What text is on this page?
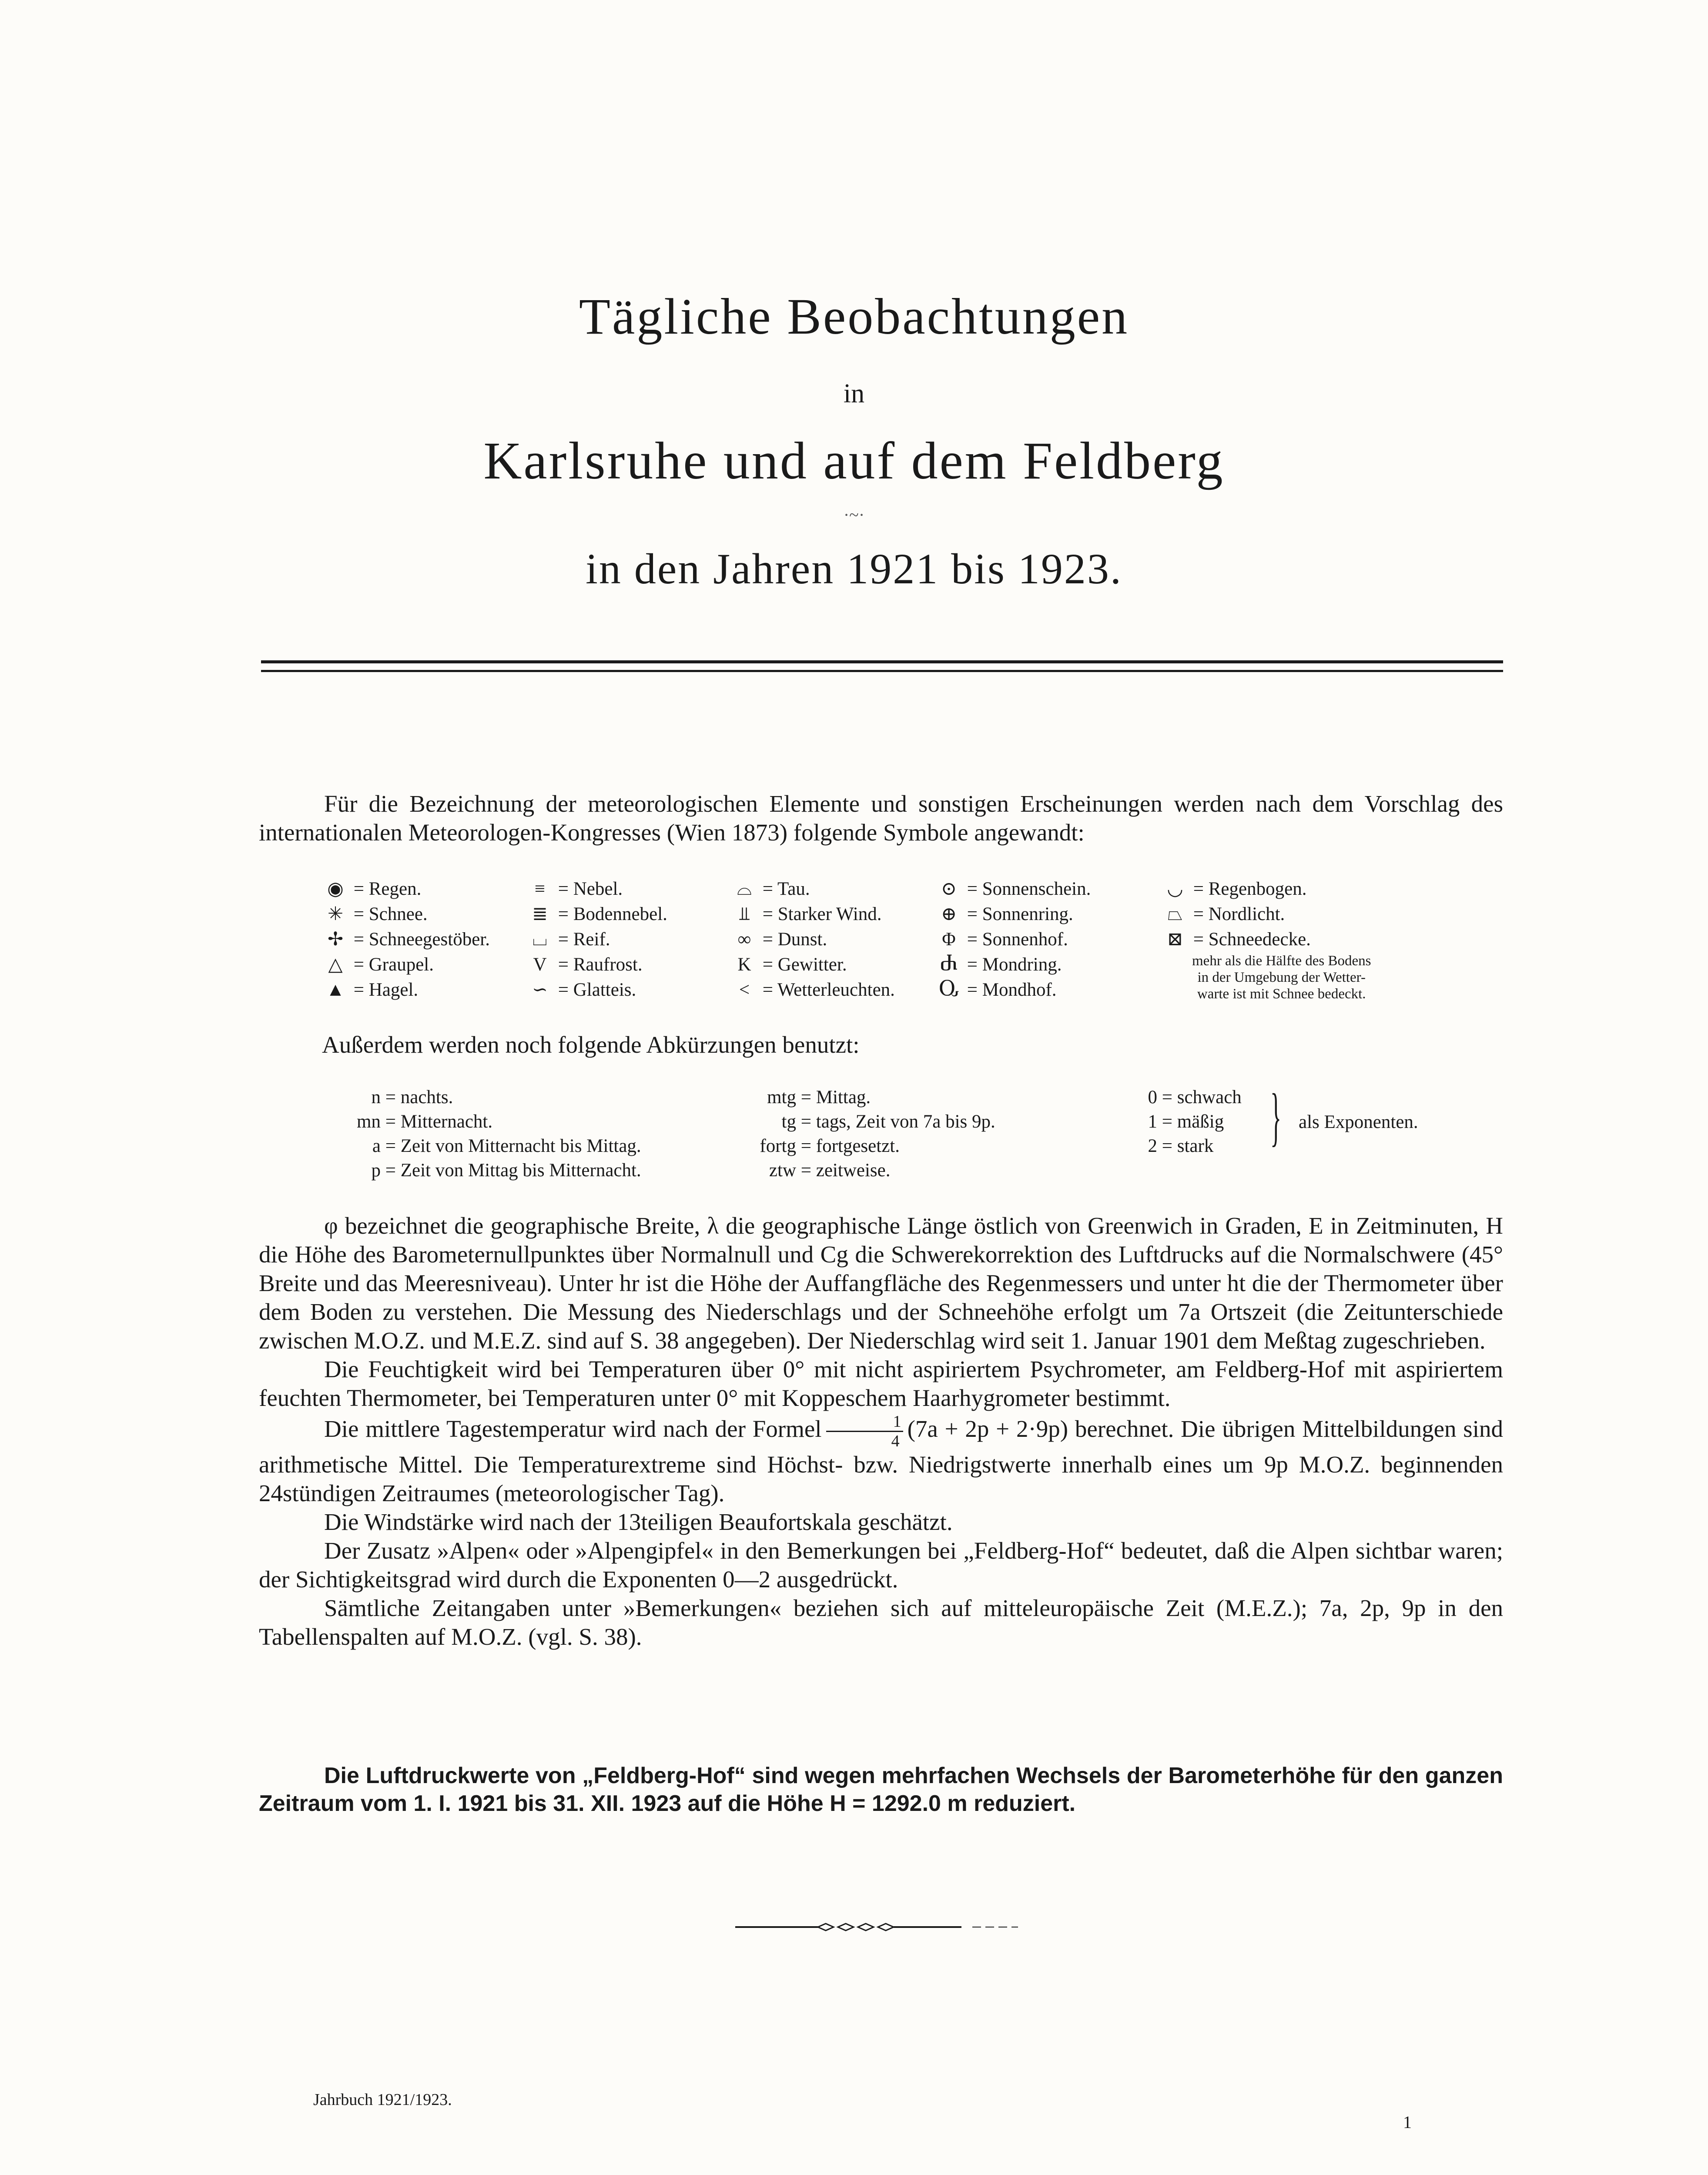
Tägliche Beobachtungen
in
Karlsruhe und auf dem Feldberg
·~·
in den Jahren 1921 bis 1923.
Für die Bezeichnung der meteorologischen Elemente und sonstigen Erscheinungen werden nach dem Vorschlag des internationalen Meteorologen-Kongresses (Wien 1873) folgende Symbole angewandt:
◉ = Regen.
✳ = Schnee.
✢ = Schneegestöber.
△ = Graupel.
▲ = Hagel.
≡ = Nebel.
≣ = Bodennebel.
⌴ = Reif.
V = Raufrost.
∽ = Glatteis.
⌓ = Tau.
⫫ = Starker Wind.
∞ = Dunst.
K = Gewitter.
< = Wetterleuchten.
⊙ = Sonnenschein.
⊕ = Sonnenring.
Φ = Sonnenhof.
Ⴛ = Mondring.
Ⴍ = Mondhof.
◡ = Regenbogen.
⏢ = Nordlicht.
⊠ = Schneedecke.
mehr als die Hälfte des Bodens
in der Umgebung der Wetter-
warte ist mit Schnee bedeckt.
Außerdem werden noch folgende Abkürzungen benutzt:
n = nachts.
mn = Mitternacht.
a = Zeit von Mitternacht bis Mittag.
p = Zeit von Mittag bis Mitternacht.
mtg = Mittag.
tg = tags, Zeit von 7a bis 9p.
fortg = fortgesetzt.
ztw = zeitweise.
0 = schwach
1 = mäßig
2 = stark } als Exponenten.

φ bezeichnet die geographische Breite, λ die geographische Länge östlich von Greenwich in Graden, E in Zeitminuten, H die Höhe des Barometernullpunktes über Normalnull und Cg die Schwerekorrektion des Luftdrucks auf die Normalschwere (45° Breite und das Meeresniveau). Unter hr ist die Höhe der Auffangfläche des Regenmessers und unter ht die der Thermometer über dem Boden zu verstehen. Die Messung des Niederschlags und der Schneehöhe erfolgt um 7a Ortszeit (die Zeitunterschiede zwischen M.O.Z. und M.E.Z. sind auf S. 38 angegeben). Der Niederschlag wird seit 1. Januar 1901 dem Meßtag zugeschrieben.

Die Feuchtigkeit wird bei Temperaturen über 0° mit nicht aspiriertem Psychrometer, am Feldberg-Hof mit aspiriertem feuchten Thermometer, bei Temperaturen unter 0° mit Koppeschem Haarhygrometer bestimmt.

Die mittlere Tagestemperatur wird nach der Formel $\frac{1}{4} (7a + 2p + 2\cdot 9p)$ berechnet. Die übrigen Mittelbildungen sind arithmetische Mittel. Die Temperaturextreme sind Höchst- bzw. Niedrigstwerte innerhalb eines um 9p M.O.Z. beginnenden 24stündigen Zeitraumes (meteorologischer Tag).

Die Windstärke wird nach der 13teiligen Beaufortskala geschätzt.

Der Zusatz »Alpen« oder »Alpengipfel« in den Bemerkungen bei „Feldberg-Hof“ bedeutet, daß die Alpen sichtbar waren; der Sichtigkeitsgrad wird durch die Exponenten 0—2 ausgedrückt.

Sämtliche Zeitangaben unter »Bemerkungen« beziehen sich auf mitteleuropäische Zeit (M.E.Z.); 7a, 2p, 9p in den Tabellenspalten auf M.O.Z. (vgl. S. 38).

Die Luftdruckwerte von „Feldberg-Hof“ sind wegen mehrfachen Wechsels der Barometerhöhe für den ganzen Zeitraum vom 1. I. 1921 bis 31. XII. 1923 auf die Höhe H = 1292.0 m reduziert.
Jahrbuch 1921/1923.
1
